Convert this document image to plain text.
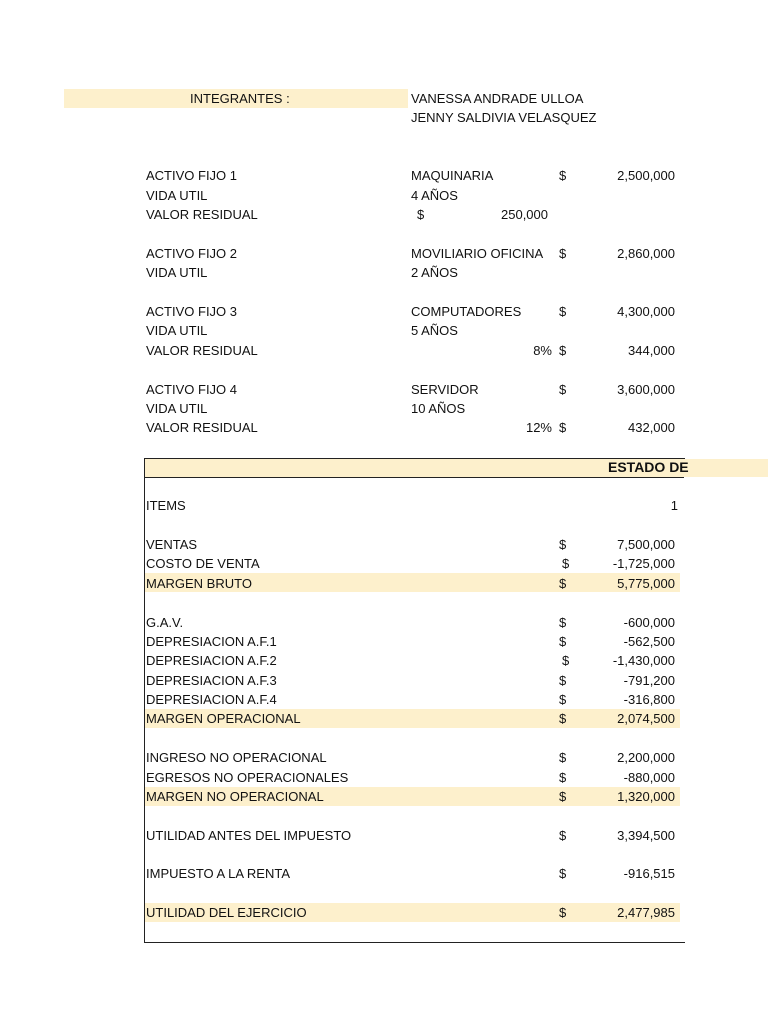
INTEGRANTES :	VANESSA ANDRADE ULLOA
JENNY SALDIVIA VELASQUEZ
ACTIVO FIJO 1	MAQUINARIA	$	2,500,000
VIDA UTIL	4 AÑOS
VALOR RESIDUAL	$	250,000
ACTIVO FIJO 2	MOVILIARIO OFICINA $	2,860,000
VIDA UTIL	2 AÑOS
ACTIVO FIJO 3	COMPUTADORES	$	4,300,000
VIDA UTIL	5 AÑOS
VALOR RESIDUAL	8% $	344,000
ACTIVO FIJO 4	SERVIDOR	$	3,600,000
VIDA UTIL	10 AÑOS
VALOR RESIDUAL	12% $	432,000
ESTADO DE
ITEMS	1
VENTAS	$	7,500,000
COSTO DE VENTA	$	-1,725,000
MARGEN BRUTO	$	5,775,000
G.A.V.	$	-600,000
DEPRESIACION A.F.1	$	-562,500
DEPRESIACION A.F.2	$	-1,430,000
DEPRESIACION A.F.3	$	-791,200
DEPRESIACION A.F.4	$	-316,800
MARGEN OPERACIONAL	$	2,074,500
INGRESO NO OPERACIONAL	$	2,200,000
EGRESOS NO OPERACIONALES	$	-880,000
MARGEN NO OPERACIONAL	$	1,320,000
UTILIDAD ANTES DEL IMPUESTO	$	3,394,500
IMPUESTO A LA RENTA	$	-916,515
UTILIDAD DEL EJERCICIO	$	2,477,985
